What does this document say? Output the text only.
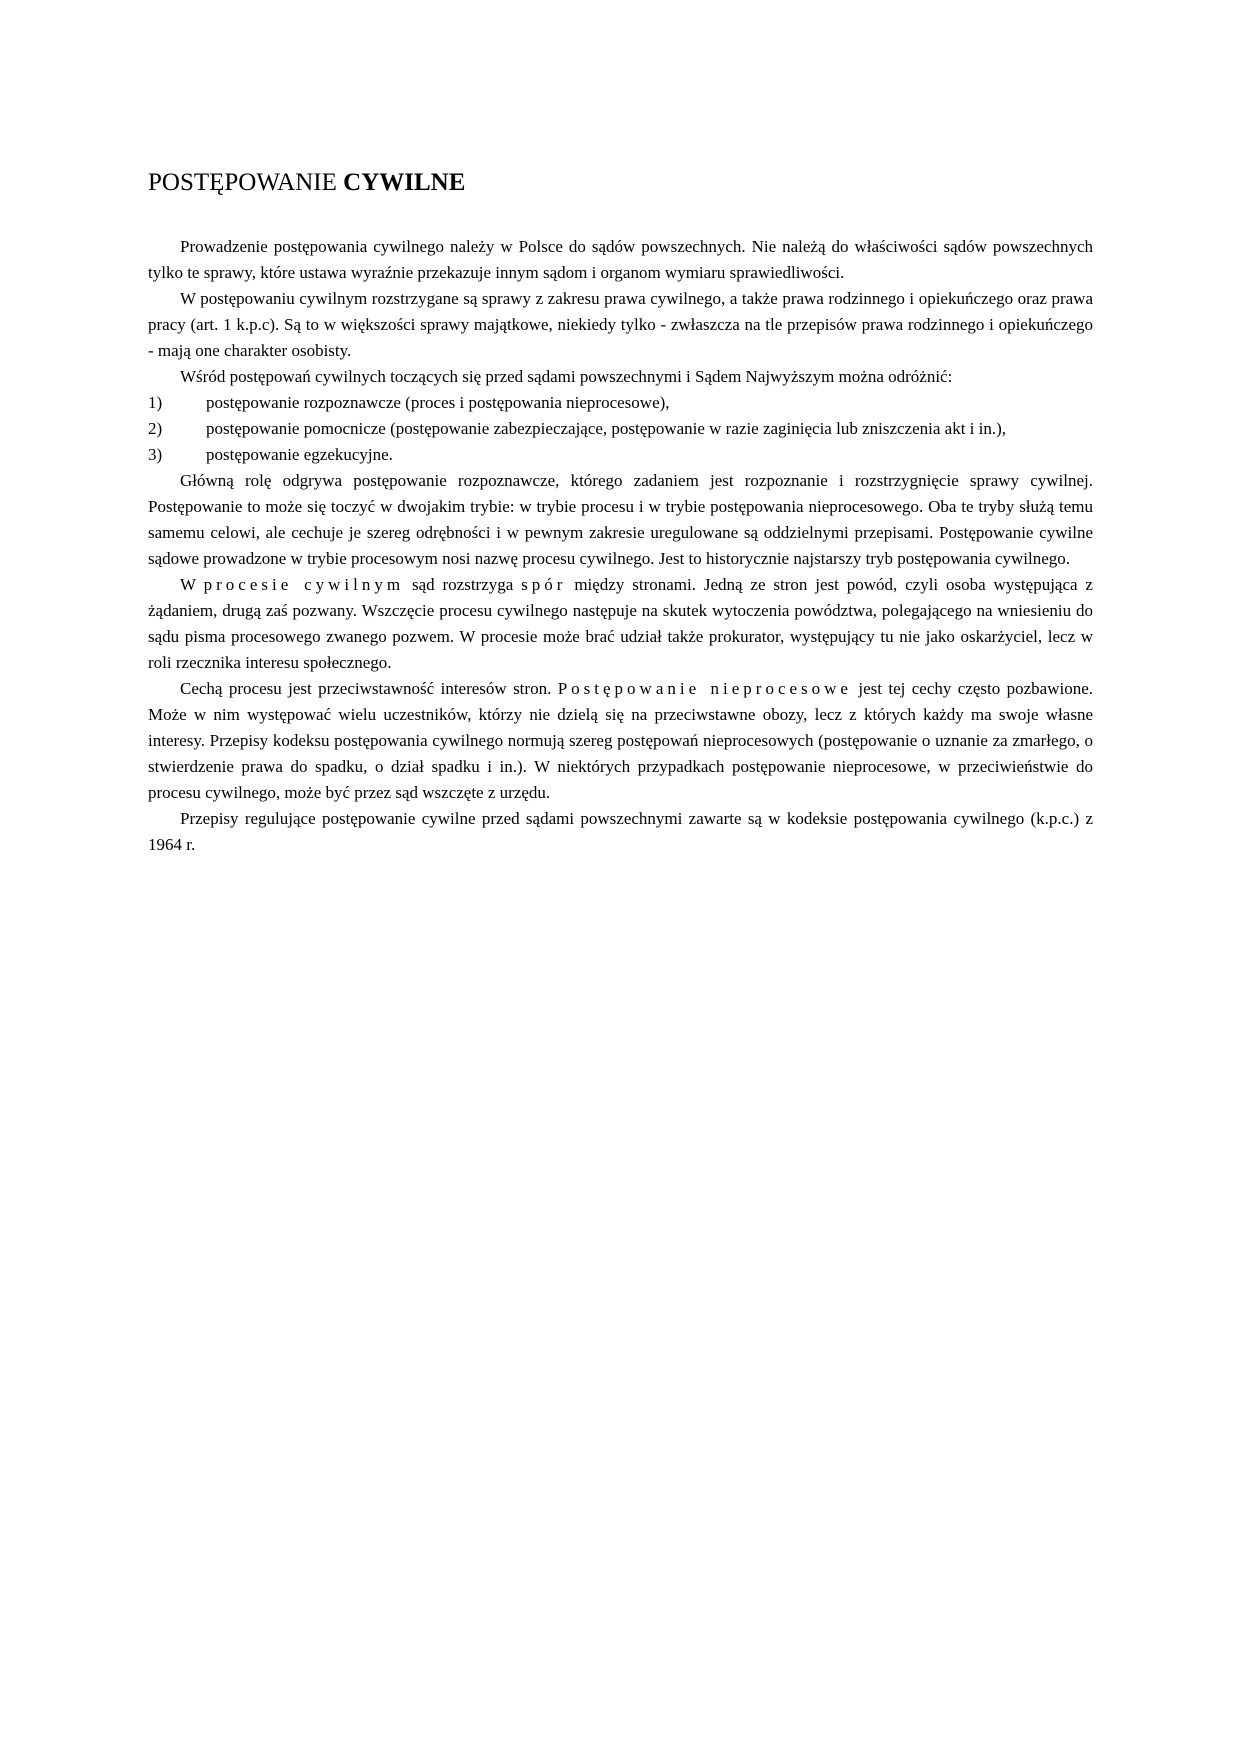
POSTĘPOWANIE CYWILNE

Prowadzenie postępowania cywilnego należy w Polsce do sądów powszechnych. Nie należą do właściwości sądów powszechnych tylko te sprawy, które ustawa wyraźnie przekazuje innym sądom i organom wymiaru sprawiedliwości.

W postępowaniu cywilnym rozstrzygane są sprawy z zakresu prawa cywilnego, a także prawa rodzinnego i opiekuńczego oraz prawa pracy (art. 1 k.p.c). Są to w większości sprawy majątkowe, niekiedy tylko - zwłaszcza na tle przepisów prawa rodzinnego i opiekuńczego - mają one charakter osobisty.

Wśród postępowań cywilnych toczących się przed sądami powszechnymi i Sądem Najwyższym można odróżnić:

1)	postępowanie rozpoznawcze (proces i postępowania nieprocesowe),

2)	postępowanie pomocnicze (postępowanie zabezpieczające, postępowanie w razie zaginięcia lub zniszczenia akt i in.),

3)	postępowanie egzekucyjne.

Główną rolę odgrywa postępowanie rozpoznawcze, którego zadaniem jest rozpoznanie i rozstrzygnięcie sprawy cywilnej. Postępowanie to może się toczyć w dwojakim trybie: w trybie procesu i w trybie postępowania nieprocesowego. Oba te tryby służą temu samemu celowi, ale cechuje je szereg odrębności i w pewnym zakresie uregulowane są oddzielnymi przepisami. Postępowanie cywilne sądowe prowadzone w trybie procesowym nosi nazwę procesu cywilnego. Jest to historycznie najstarszy tryb postępowania cywilnego.

W procesie cywilnym sąd rozstrzyga spór między stronami. Jedną ze stron jest powód, czyli osoba występująca z żądaniem, drugą zaś pozwany. Wszczęcie procesu cywilnego następuje na skutek wytoczenia powództwa, polegającego na wniesieniu do sądu pisma procesowego zwanego pozwem. W procesie może brać udział także prokurator, występujący tu nie jako oskarżyciel, lecz w roli rzecznika interesu społecznego.

Cechą procesu jest przeciwstawność interesów stron. Postępowanie nieprocesowe jest tej cechy często pozbawione. Może w nim występować wielu uczestników, którzy nie dzielą się na przeciwstawne obozy, lecz z których każdy ma swoje własne interesy. Przepisy kodeksu postępowania cywilnego normują szereg postępowań nieprocesowych (postępowanie o uznanie za zmarłego, o stwierdzenie prawa do spadku, o dział spadku i in.). W niektórych przypadkach postępowanie nieprocesowe, w przeciwieństwie do procesu cywilnego, może być przez sąd wszczęte z urzędu.

Przepisy regulujące postępowanie cywilne przed sądami powszechnymi zawarte są w kodeksie postępowania cywilnego (k.p.c.) z 1964 r.
